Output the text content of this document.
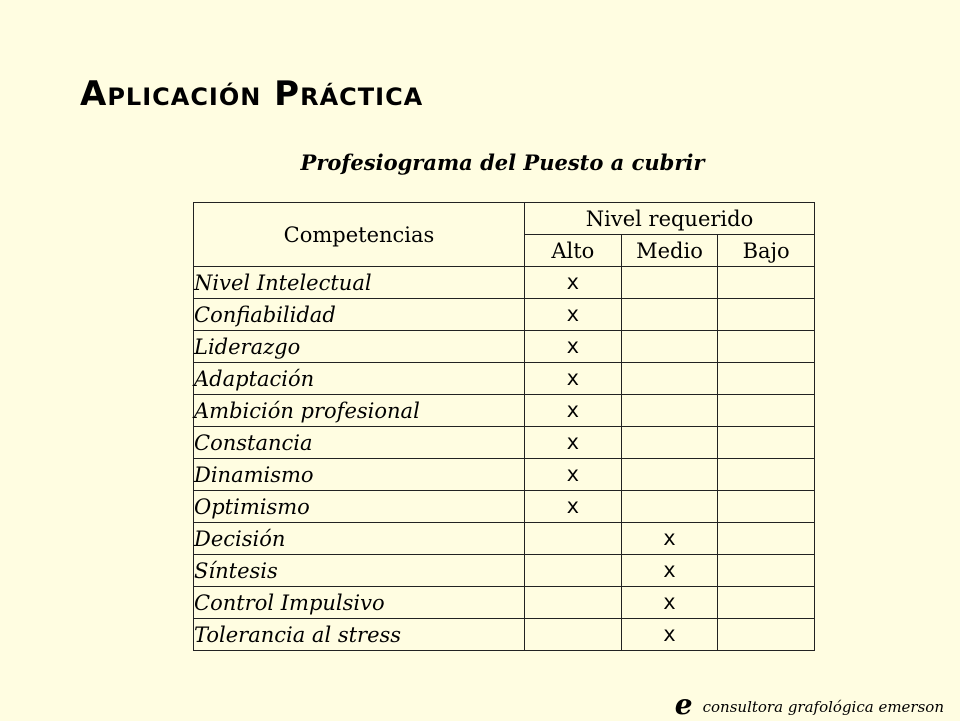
Aplicación Práctica
Profesiograma del Puesto a cubrir
Competencias	Nivel requerido		
	Alto	Medio	Bajo
Nivel Intelectual	x		
Confiabilidad	x		
Liderazgo	x		
Adaptación	x		
Ambición profesional	x		
Constancia	x		
Dinamismo	x		
Optimismo	x		
Decisión		x	
Síntesis		x	
Control Impulsivo		x	
Tolerancia al stress		x	
econsultora grafológica emerson
